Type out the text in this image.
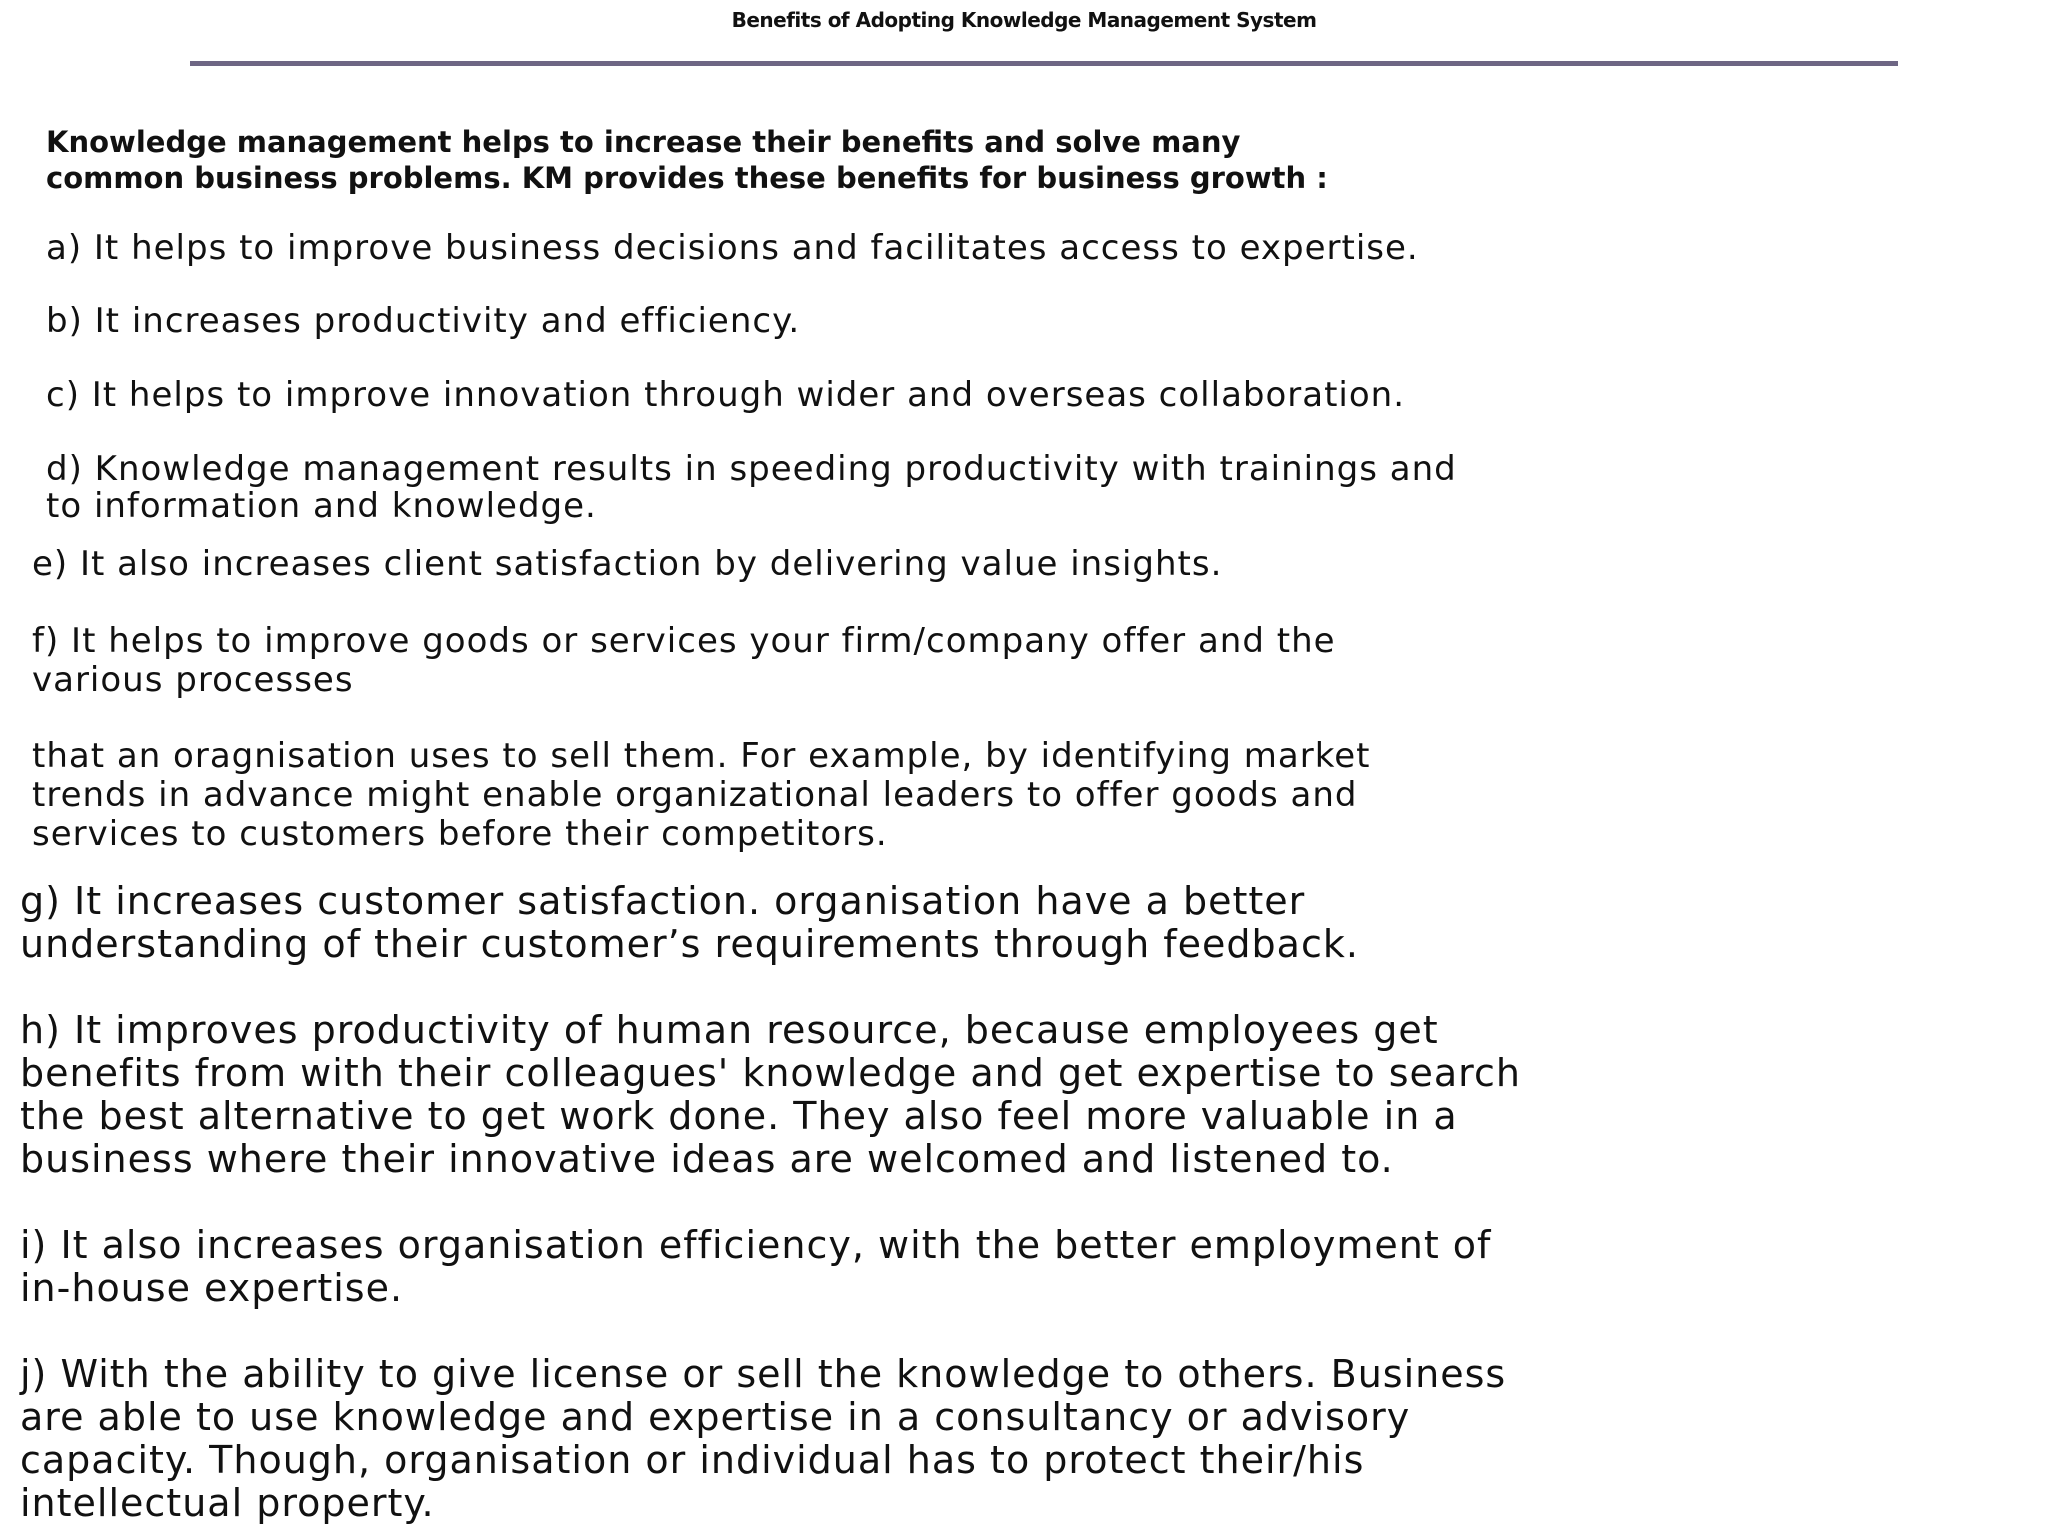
Benefits of Adopting Knowledge Management System
Knowledge management helps to increase their benefits and solve many
common business problems. KM provides these benefits for business growth :
a) It helps to improve business decisions and facilitates access to expertise.
b) It increases productivity and efficiency.
c) It helps to improve innovation through wider and overseas collaboration.
d) Knowledge management results in speeding productivity with trainings and
to information and knowledge.
e) It also increases client satisfaction by delivering value insights.
f) It helps to improve goods or services your firm/company offer and the
various processes
that an oragnisation uses to sell them. For example, by identifying market
trends in advance might enable organizational leaders to offer goods and
services to customers before their competitors.
g) It increases customer satisfaction. organisation have a better
understanding of their customer’s requirements through feedback.
h) It improves productivity of human resource, because employees get
benefits from with their colleagues' knowledge and get expertise to search
the best alternative to get work done. They also feel more valuable in a
business where their innovative ideas are welcomed and listened to.
i) It also increases organisation efficiency, with the better employment of
in-house expertise.
j) With the ability to give license or sell the knowledge to others. Business
are able to use knowledge and expertise in a consultancy or advisory
capacity. Though, organisation or individual has to protect their/his
intellectual property.
